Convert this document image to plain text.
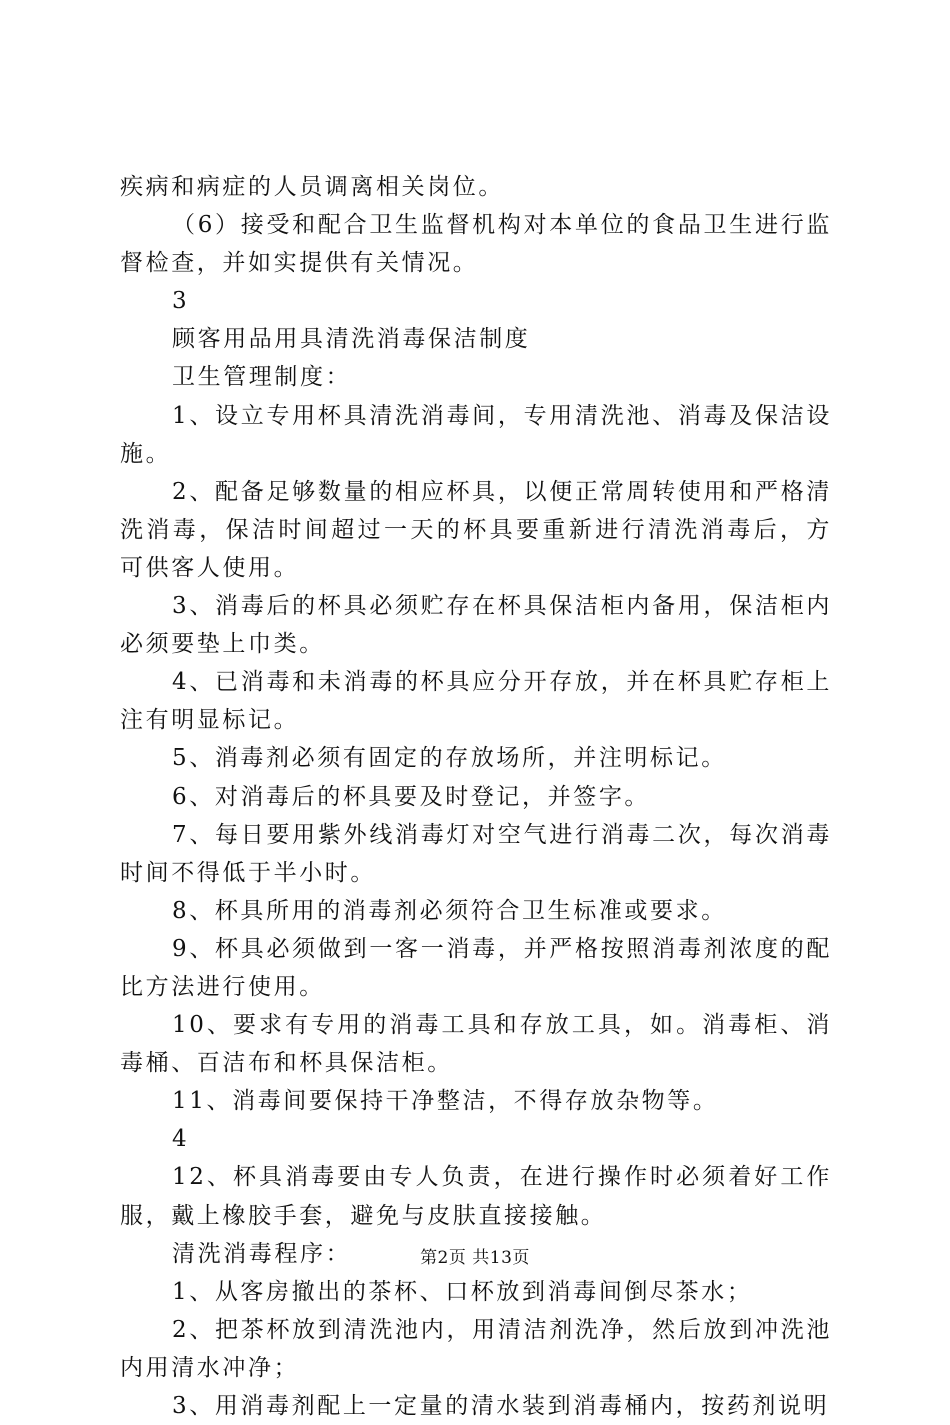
疾病和病症的人员调离相关岗位。

（6）接受和配合卫生监督机构对本单位的食品卫生进行监督检查，并如实提供有关情况。

3

顾客用品用具清洗消毒保洁制度

卫生管理制度：

1、设立专用杯具清洗消毒间，专用清洗池、消毒及保洁设施。

2、配备足够数量的相应杯具，以便正常周转使用和严格清洗消毒，保洁时间超过一天的杯具要重新进行清洗消毒后，方可供客人使用。

3、消毒后的杯具必须贮存在杯具保洁柜内备用，保洁柜内必须要垫上巾类。

4、已消毒和未消毒的杯具应分开存放，并在杯具贮存柜上注有明显标记。

5、消毒剂必须有固定的存放场所，并注明标记。

6、对消毒后的杯具要及时登记，并签字。

7、每日要用紫外线消毒灯对空气进行消毒二次，每次消毒时间不得低于半小时。

8、杯具所用的消毒剂必须符合卫生标准或要求。

9、杯具必须做到一客一消毒，并严格按照消毒剂浓度的配比方法进行使用。

10、要求有专用的消毒工具和存放工具，如。消毒柜、消毒桶、百洁布和杯具保洁柜。

11、消毒间要保持干净整洁，不得存放杂物等。

4

12、杯具消毒要由专人负责，在进行操作时必须着好工作服，戴上橡胶手套，避免与皮肤直接接触。

清洗消毒程序：

1、从客房撤出的茶杯、口杯放到消毒间倒尽茶水；

2、把茶杯放到清洗池内，用清洁剂洗净，然后放到冲洗池内用清水冲净；

3、用消毒剂配上一定量的清水装到消毒桶内，按药剂说明

第2页 共13页
